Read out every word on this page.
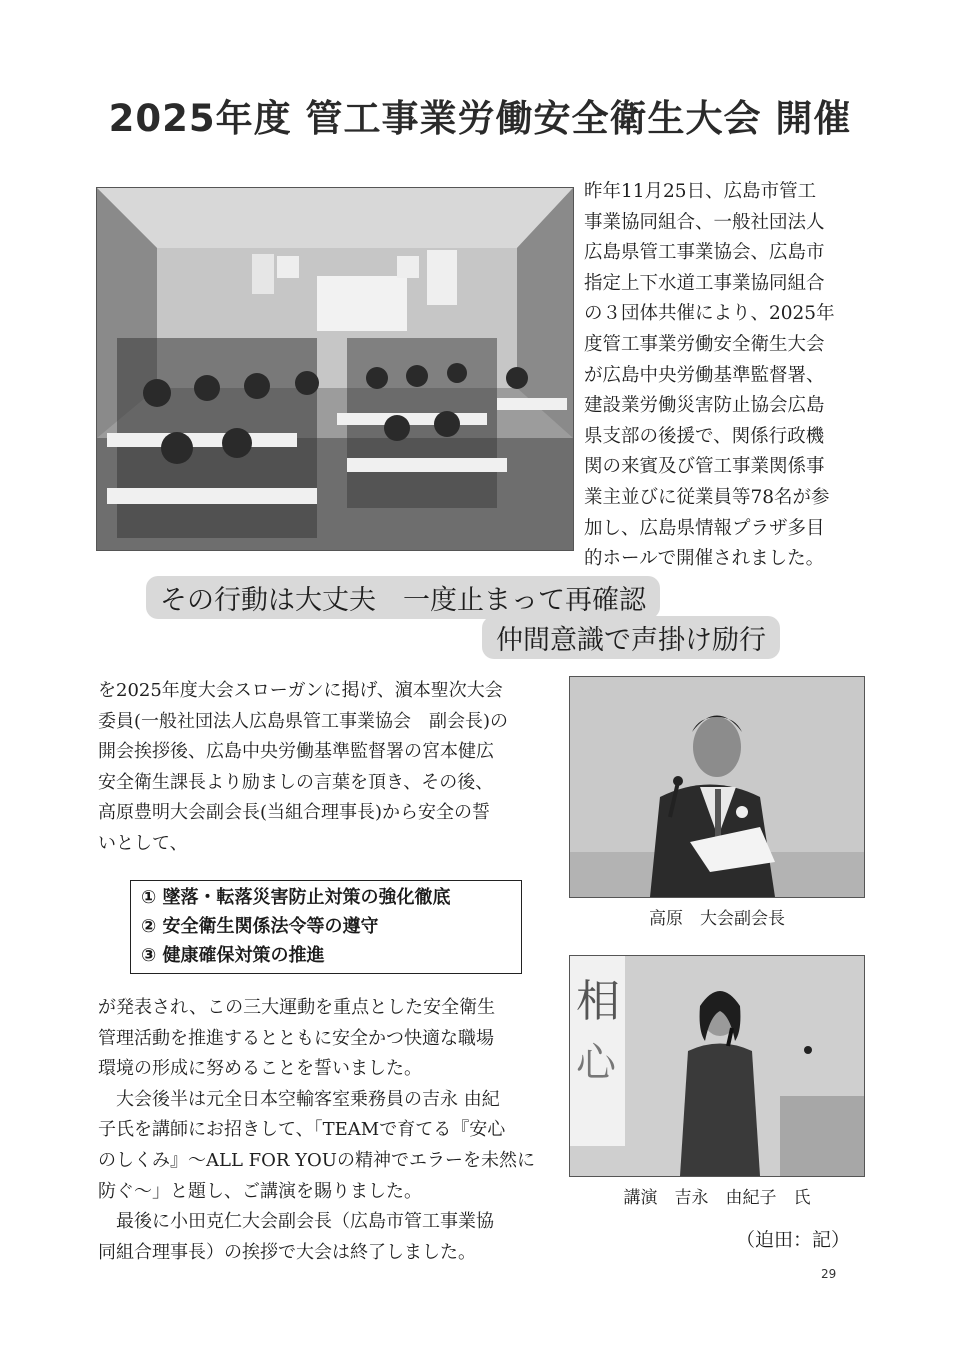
2025年度 管工事業労働安全衛生大会 開催
昨年11月25日、広島市管工
事業協同組合、一般社団法人
広島県管工事業協会、広島市
指定上下水道工事業協同組合
の３団体共催により、2025年
度管工事業労働安全衛生大会
が広島中央労働基準監督署、
建設業労働災害防止協会広島
県支部の後援で、関係行政機
関の来賓及び管工事業関係事
業主並びに従業員等78名が参
加し、広島県情報プラザ多目
的ホールで開催されました。
その行動は大丈夫　一度止まって再確認
仲間意識で声掛け励行
を2025年度大会スローガンに掲げ、濵本聖次大会
委員(一般社団法人広島県管工事業協会　副会長)の
開会挨拶後、広島中央労働基準監督署の宮本健広
安全衛生課長より励ましの言葉を頂き、その後、
高原豊明大会副会長(当組合理事長)から安全の誓
いとして、
① 墜落・転落災害防止対策の強化徹底
② 安全衛生関係法令等の遵守
③ 健康確保対策の推進
が発表され、この三大運動を重点とした安全衛生
管理活動を推進するとともに安全かつ快適な職場
環境の形成に努めることを誓いました。
　大会後半は元全日本空輸客室乗務員の吉永 由紀
子氏を講師にお招きして、「TEAMで育てる『安心
のしくみ』～ALL FOR YOUの精神でエラーを未然に
防ぐ～」と題し、ご講演を賜りました。
　最後に小田克仁大会副会長（広島市管工事業協
同組合理事長）の挨拶で大会は終了しました。
高原　大会副会長
相
心
講演　吉永　由紀子　氏
（迫田：記）
29
